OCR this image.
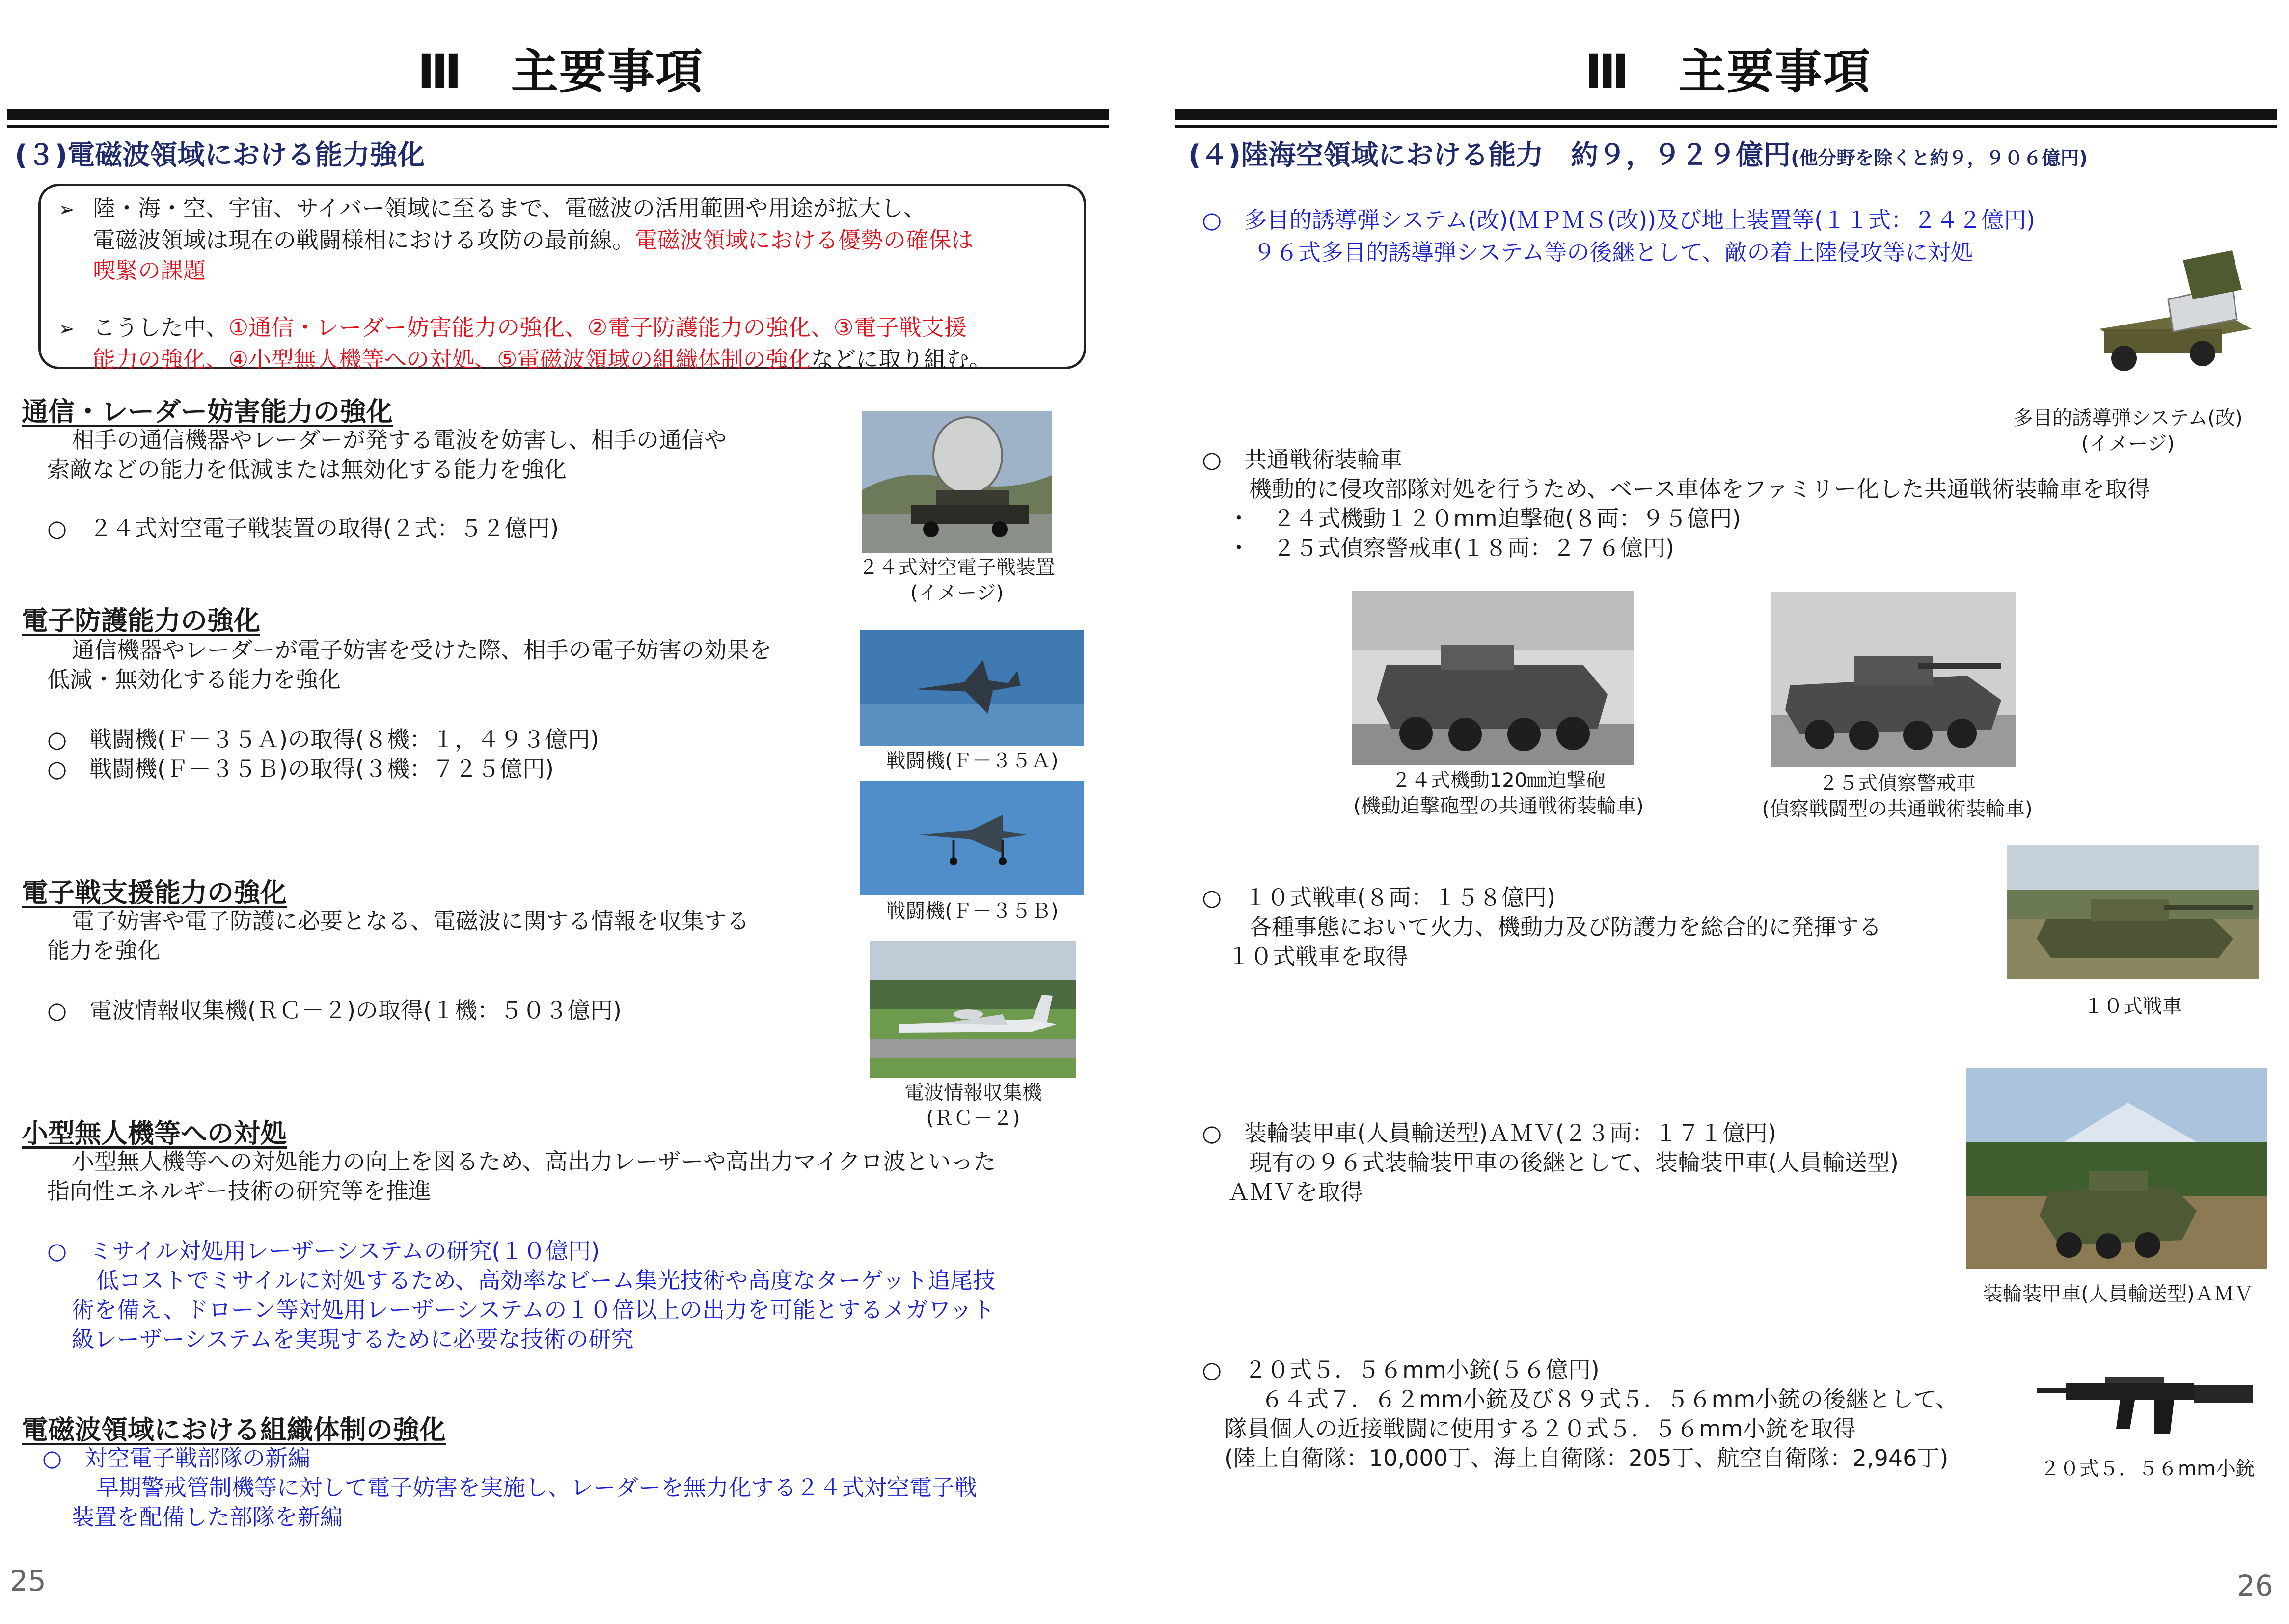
Ⅲ　主要事項
(３)電磁波領域における能力強化

➢ 陸・海・空、宇宙、サイバー領域に至るまで、電磁波の活用範囲や用途が拡大し、

電磁波領域は現在の戦闘様相における攻防の最前線。電磁波領域における優勢の確保は

喫緊の課題

➢ こうした中、①通信・レーダー妨害能力の強化、②電子防護能力の強化、③電子戦支援

能力の強化、④小型無人機等への対処、⑤電磁波領域の組織体制の強化などに取り組む。

通信・レーダー妨害能力の強化
相手の通信機器やレーダーが発する電波を妨害し、相手の通信や
索敵などの能力を低減または無効化する能力を強化
○　２４式対空電子戦装置の取得(２式：５２億円)
電子防護能力の強化
通信機器やレーダーが電子妨害を受けた際、相手の電子妨害の効果を
低減・無効化する能力を強化
○　戦闘機(Ｆ－３５Ａ)の取得(８機：１，４９３億円)
○　戦闘機(Ｆ－３５Ｂ)の取得(３機：７２５億円)
電子戦支援能力の強化
電子妨害や電子防護に必要となる、電磁波に関する情報を収集する
能力を強化
○　電波情報収集機(ＲＣ－２)の取得(１機：５０３億円)
小型無人機等への対処
小型無人機等への対処能力の向上を図るため、高出力レーザーや高出力マイクロ波といった
指向性エネルギー技術の研究等を推進
○　ミサイル対処用レーザーシステムの研究(１０億円)
低コストでミサイルに対処するため、高効率なビーム集光技術や高度なターゲット追尾技
術を備え、ドローン等対処用レーザーシステムの１０倍以上の出力を可能とするメガワット
級レーザーシステムを実現するために必要な技術の研究
電磁波領域における組織体制の強化
○　対空電子戦部隊の新編
早期警戒管制機等に対して電子妨害を実施し、レーダーを無力化する２４式対空電子戦
装置を配備した部隊を新編
２４式対空電子戦装置
(イメージ)
戦闘機(Ｆ－３５Ａ)
戦闘機(Ｆ－３５Ｂ)
電波情報収集機
(ＲＣ－２)
25
Ⅲ　主要事項
(４)陸海空領域における能力　約９，９２９億円(他分野を除くと約９，９０６億円)
○　多目的誘導弾システム(改)(ＭＰＭＳ(改))及び地上装置等(１１式：２４２億円)
９６式多目的誘導弾システム等の後継として、敵の着上陸侵攻等に対処
多目的誘導弾システム(改)
(イメージ)
○　共通戦術装輪車
機動的に侵攻部隊対処を行うため、ベース車体をファミリー化した共通戦術装輪車を取得
・　２４式機動１２０mm迫撃砲(８両：９５億円)
・　２５式偵察警戒車(１８両：２７６億円)
２４式機動120㎜迫撃砲
(機動迫撃砲型の共通戦術装輪車)
２５式偵察警戒車
(偵察戦闘型の共通戦術装輪車)
○　１０式戦車(８両：１５８億円)
各種事態において火力、機動力及び防護力を総合的に発揮する
１０式戦車を取得
１０式戦車
○　装輪装甲車(人員輸送型)ＡＭＶ(２３両：１７１億円)
現有の９６式装輪装甲車の後継として、装輪装甲車(人員輸送型)
ＡＭＶを取得
装輪装甲車(人員輸送型)ＡＭＶ
○　２０式５．５６mm小銃(５６億円)
６４式７．６２mm小銃及び８９式５．５６mm小銃の後継として、
隊員個人の近接戦闘に使用する２０式５．５６mm小銃を取得
(陸上自衛隊：10,000丁、海上自衛隊：205丁、航空自衛隊：2,946丁)	２０式５．５６mm小銃
26
